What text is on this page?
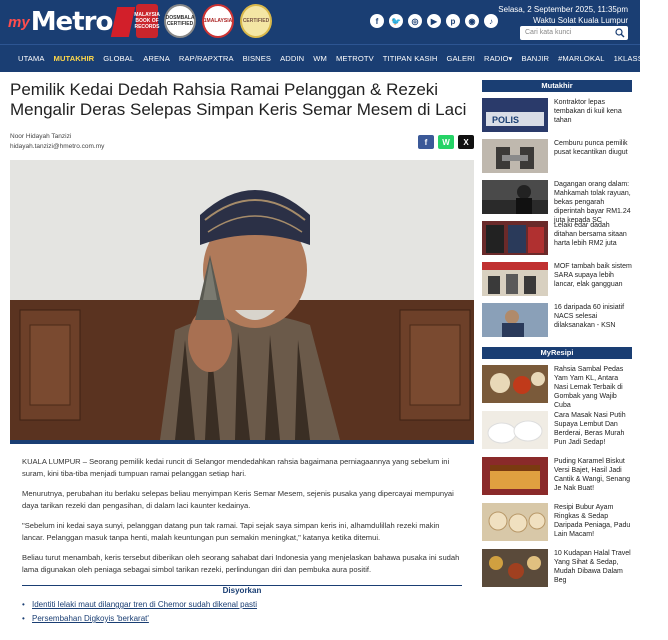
my Metro	MALAYSIA BOOK OF RECORDS
DOSMBALA CERTIFIED	1MALAYSIA	CERTIFIED	f	🐦	◎	▶	p	◉	♪
Selasa, 2 September 2025, 11:35pm
Waktu Solat Kuala Lumpur
Cari kata kunci
UTAMA MUTAKHIR GLOBAL ARENA RAP/RAPXTRA BISNES ADDIN WM METROTV TITIPAN KASIH GALERI RADIO▾ BANJIR #MARLOKAL 1KLASSIFIEDS
Pemilik Kedai Dedah Rahsia Ramai Pelanggan & Rezeki Mengalir Deras Selepas Simpan Keris Semar Mesem di Laci
Noor Hidayah Tanzizi
hidayah.tanzizi@hmetro.com.my	f	W	X

KUALA LUMPUR – Seorang pemilik kedai runcit di Selangor mendedahkan rahsia bagaimana perniagaannya yang sebelum ini suram, kini tiba-tiba menjadi tumpuan ramai pelanggan setiap hari.

Menurutnya, perubahan itu berlaku selepas beliau menyimpan Keris Semar Mesem, sejenis pusaka yang dipercayai mempunyai daya tarikan rezeki dan pengasihan, di dalam laci kaunter kedainya.

"Sebelum ini kedai saya sunyi, pelanggan datang pun tak ramai. Tapi sejak saya simpan keris ini, alhamdulillah rezeki makin lancar. Pelanggan masuk tanpa henti, malah keuntungan pun semakin meningkat," katanya ketika ditemui.

Beliau turut menambah, keris tersebut diberikan oleh seorang sahabat dari Indonesia yang menjelaskan bahawa pusaka ini sudah lama digunakan oleh peniaga sebagai simbol tarikan rezeki, perlindungan diri dan pembuka aura positif.

$^{Disyorkan}$
• Identiti lelaki maut dilanggar tren di Chemor sudah dikenal pasti
• Persembahan Digkoyis 'berkarat'
Mutakhir
POLIS
Kontraktor lepas tembakan di kuil kena tahan
Cemburu punca pemilik pusat kecantikan diugut
Dagangan orang dalam: Mahkamah tolak rayuan, bekas pengarah diperintah bayar RM1.24 juta kepada SC
Lelaki edar dadah ditahan bersama sitaan harta lebih RM2 juta
MOF tambah baik sistem SARA supaya lebih lancar, elak gangguan
16 daripada 60 inisiatif NACS selesai dilaksanakan - KSN
MyResipi
Rahsia Sambal Pedas Yam Yam KL, Antara Nasi Lemak Terbaik di Gombak yang Wajib Cuba
Cara Masak Nasi Putih Supaya Lembut Dan Berderai, Beras Murah Pun Jadi Sedap!
Puding Karamel Biskut Versi Bajet, Hasil Jadi Cantik & Wangi, Senang Je Nak Buat!
Resipi Bubur Ayam Ringkas & Sedap Daripada Peniaga, Padu Lain Macam!
10 Kudapan Halal Travel Yang Sihat & Sedap, Mudah Dibawa Dalam Beg
